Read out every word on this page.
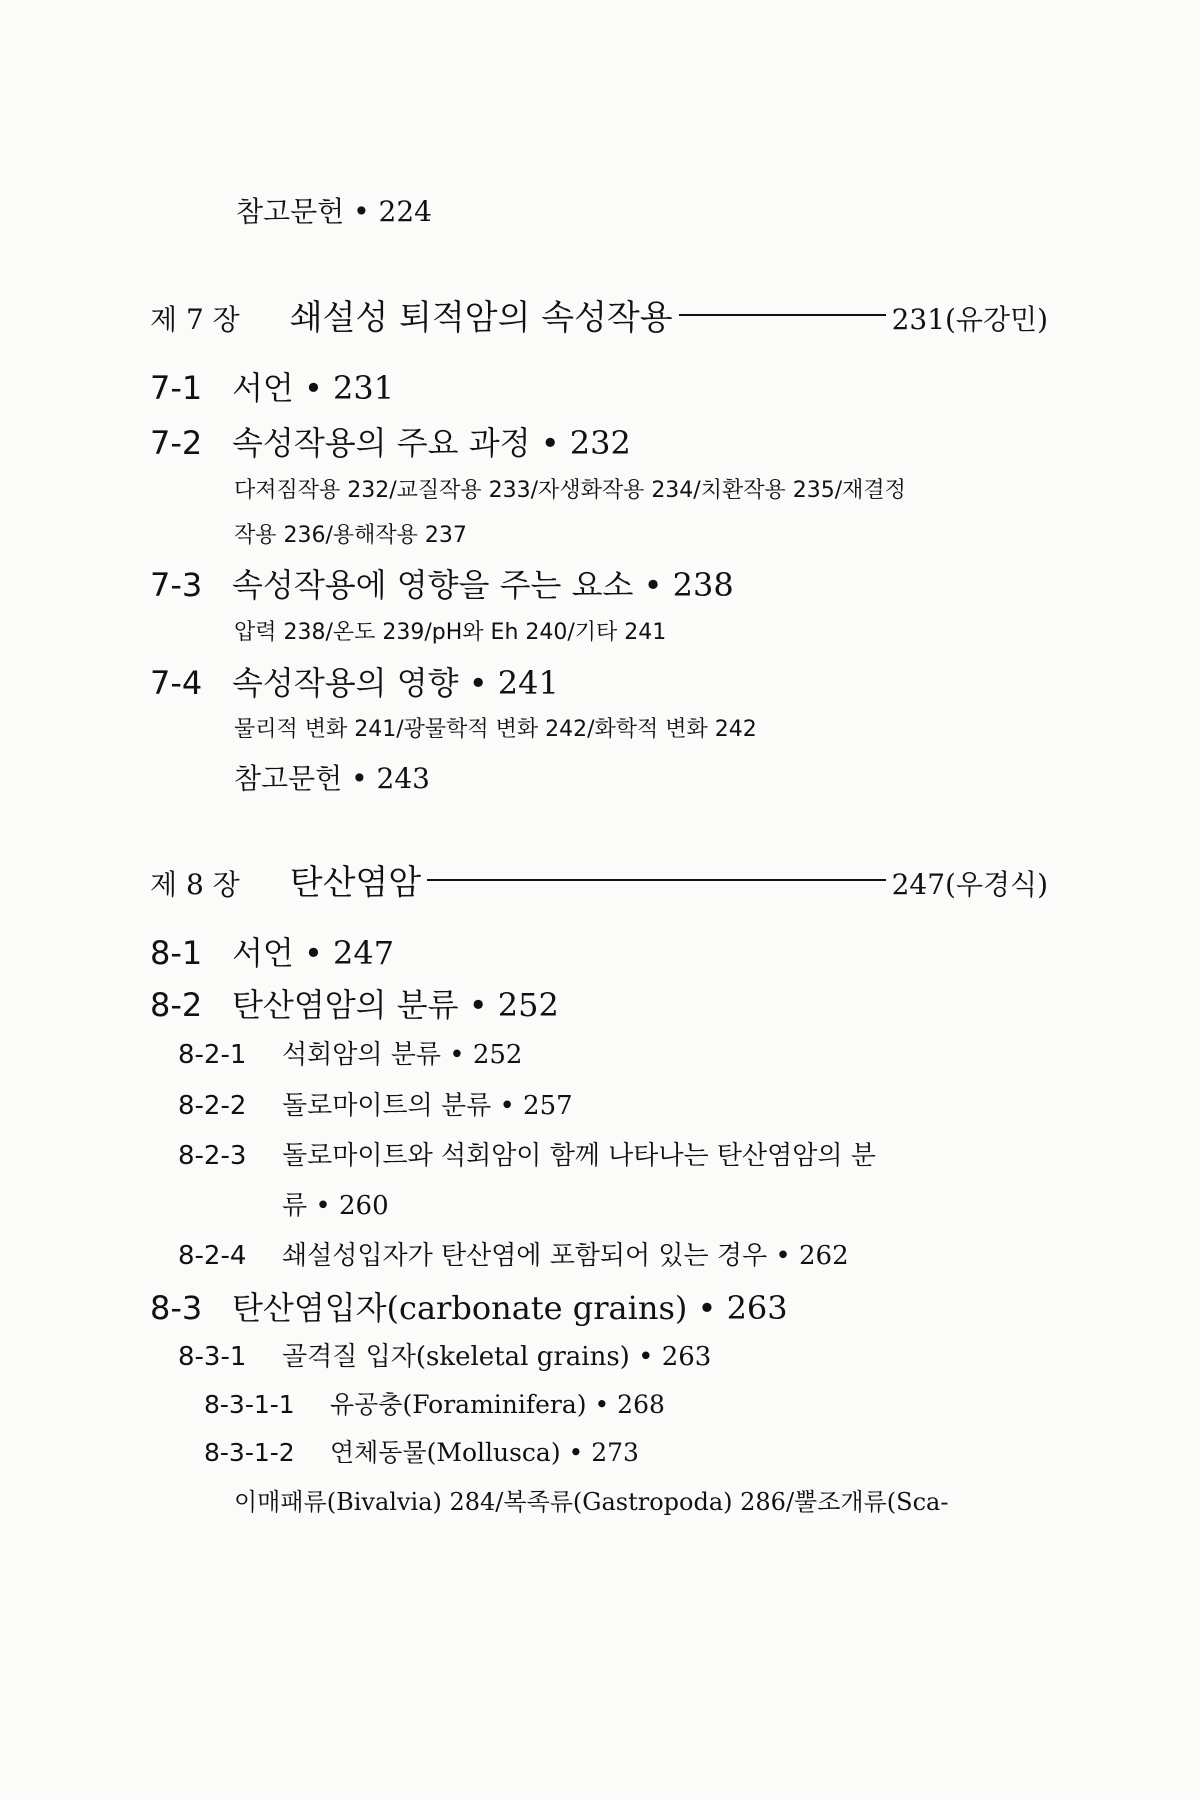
참고문헌 • 224
제 7 장 쇄설성 퇴적암의 속성작용	231(유강민)
7-1 서언 • 231
7-2 속성작용의 주요 과정 • 232
다져짐작용 232/교질작용 233/자생화작용 234/치환작용 235/재결정
작용 236/용해작용 237
7-3 속성작용에 영향을 주는 요소 • 238
압력 238/온도 239/pH와 Eh 240/기타 241
7-4 속성작용의 영향 • 241
물리적 변화 241/광물학적 변화 242/화학적 변화 242
참고문헌 • 243
제 8 장 탄산염암	247(우경식)
8-1 서언 • 247
8-2 탄산염암의 분류 • 252
8-2-1 석회암의 분류 • 252
8-2-2 돌로마이트의 분류 • 257
8-2-3 돌로마이트와 석회암이 함께 나타나는 탄산염암의 분
류 • 260
8-2-4 쇄설성입자가 탄산염에 포함되어 있는 경우 • 262
8-3 탄산염입자(carbonate grains) • 263
8-3-1 골격질 입자(skeletal grains) • 263
8-3-1-1 유공충(Foraminifera) • 268
8-3-1-2 연체동물(Mollusca) • 273
이매패류(Bivalvia) 284/복족류(Gastropoda) 286/뿔조개류(Sca-
